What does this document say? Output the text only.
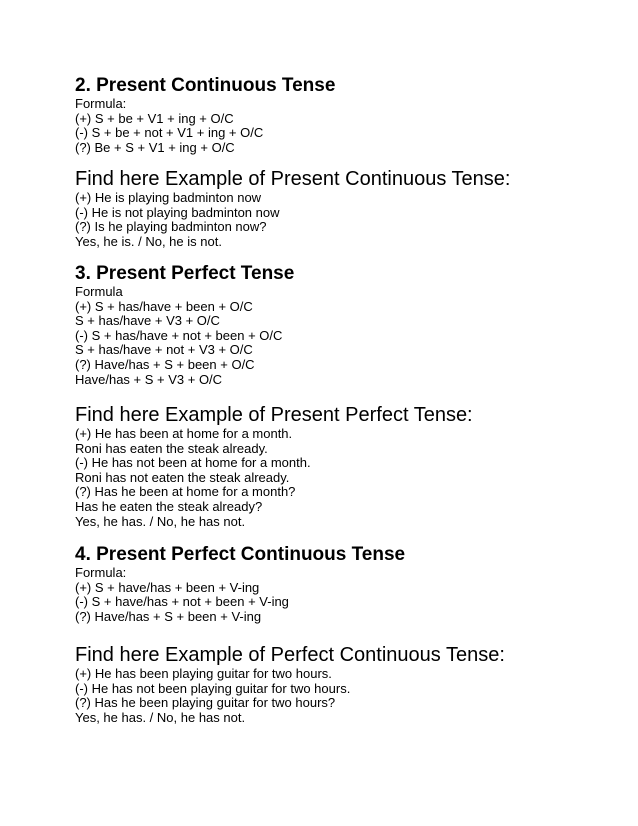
2. Present Continuous Tense
Formula:
(+) S + be + V1 + ing + O/C
(-) S + be + not + V1 + ing + O/C
(?) Be + S + V1 + ing + O/C
Find here Example of Present Continuous Tense:
(+) He is playing badminton now
(-) He is not playing badminton now
(?) Is he playing badminton now?
Yes, he is. / No, he is not.
3. Present Perfect Tense
Formula
(+) S + has/have + been + O/C
S + has/have + V3 + O/C
(-) S + has/have + not + been + O/C
S + has/have + not + V3 + O/C
(?) Have/has + S + been + O/C
Have/has + S + V3 + O/C
Find here Example of Present Perfect Tense:
(+) He has been at home for a month.
Roni has eaten the steak already.
(-) He has not been at home for a month.
Roni has not eaten the steak already.
(?) Has he been at home for a month?
Has he eaten the steak already?
Yes, he has. / No, he has not.
4. Present Perfect Continuous Tense
Formula:
(+) S + have/has + been + V-ing
(-) S + have/has + not + been + V-ing
(?) Have/has + S + been + V-ing
Find here Example of Perfect Continuous Tense:
(+) He has been playing guitar for two hours.
(-) He has not been playing guitar for two hours.
(?) Has he been playing guitar for two hours?
Yes, he has. / No, he has not.
